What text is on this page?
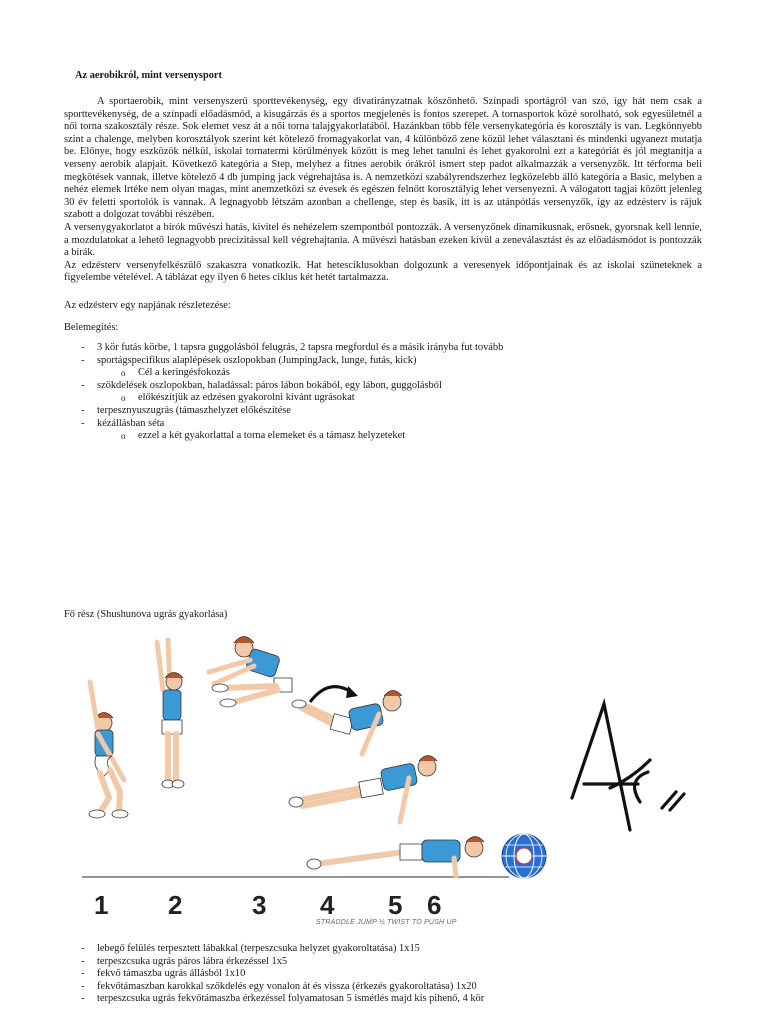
Az aerobikról, mint versenysport

A sportaerobik, mint versenyszerű sporttevékenység, egy divatirányzatnak köszönhető. Színpadi sportágról van szó, így hát nem csak a sporttevékenység, de a színpadi előadásmód, a kisugárzás és a sportos megjelenés is fontos szerepet. A tornasportok közé sorolható, sok egyesületnél a női torna szakosztály része. Sok elemet vesz át a női torna talajgyakorlatából. Hazánkban több féle versenykategória és korosztály is van. Legkönnyebb szint a chalenge, melyben korosztályok szerint két kötelező fromagyakorlat van, 4 különböző zene közül lehet választani és mindenki ugyanezt mutatja be. Előnye, hogy eszközök nélkül, iskolai tornatermi körülmények között is meg lehet tanulni és lehet gyakorolni ezt a kategóriát és jól megtanítja a verseny aerobik alapjait. Következő kategória a Step, melyhez a fitnes aerobik órákról ismert step padot alkalmazzák a versenyzők. Itt térforma beli megkötések vannak, illetve kötelező 4 db jumping jack végrehajtása is. A nemzetközi szabályrendszerhez legközelebb álló kategória a Basic, melyben a nehéz elemek lrtéke nem olyan magas, mint anemzetközi sz évesek és egészen felnőtt korosztályig lehet versenyezni. A válogatott tagjai között jelenleg 30 év feletti sportolók is vannak. A legnagyobb létszám azonban a chellenge, step és basik, itt is az utánpótlás versenyzők, így az edzésterv is rájuk szabott a dolgozat további részében.

A versenygyakorlatot a bírók művészi hatás, kivitel és nehézelem szempontból pontozzák. A versenyzőnek dinamikusnak, erősnek, gyorsnak kell lennie, a mozdulatokat a lehető legnagyobb precizitással kell végrehajtania. A művészi hatásban ezeken kívül a zeneválasztást és az előadásmódot is pontozzák a bírák.

Az edzésterv versenyfelkészülő szakaszra vonatkozik. Hat hetesciklusokban dolgozunk a veresenyek időpontjainak és az iskolai szüneteknek a figyelembe vételével. A táblázat egy ilyen 6 hetes ciklus két hetét tartalmazza.

Az edzésterv egy napjának részletezése:
Belemegítés:
- 3 kör futás körbe, 1 tapsra guggolásból felugrás, 2 tapsra megfordul és a másik irányba fut tovább
- sportágspecifikus alaplépések oszlopokban (JumpingJack, lunge, futás, kick)
o Cél a keringésfokozás
- szökdelések oszlopokban, haladással: páros lábon bokából, egy lábon, guggolásból
o előkészítjük az edzésen gyakorolni kívánt ugrásokat
- terpesznyuszugrás (támaszhelyzet előkészítése
- kézállásban séta
o ezzel a két gyakorlattal a torna elemeket és a támasz helyzeteket
Fő rész (Shushunova ugrás gyakorlása)
1 2	3 4 5 6
STRADDLE JUMP ½ TWIST TO PUSH UP
- lebegő felülés terpesztett lábakkal (terpeszcsuka helyzet gyakoroltatása) 1x15
- terpeszcsuka ugrás páros lábra érkezéssel 1x5
- fekvő támaszba ugrás állásból 1x10
- fekvőtámaszban karokkal szökdelés egy vonalon át és vissza (érkezés gyakoroltatása) 1x20
- terpeszcsuka ugrás fekvőtámaszba érkezéssel folyamatosan 5 ismétlés majd kis pihenő, 4 kör
